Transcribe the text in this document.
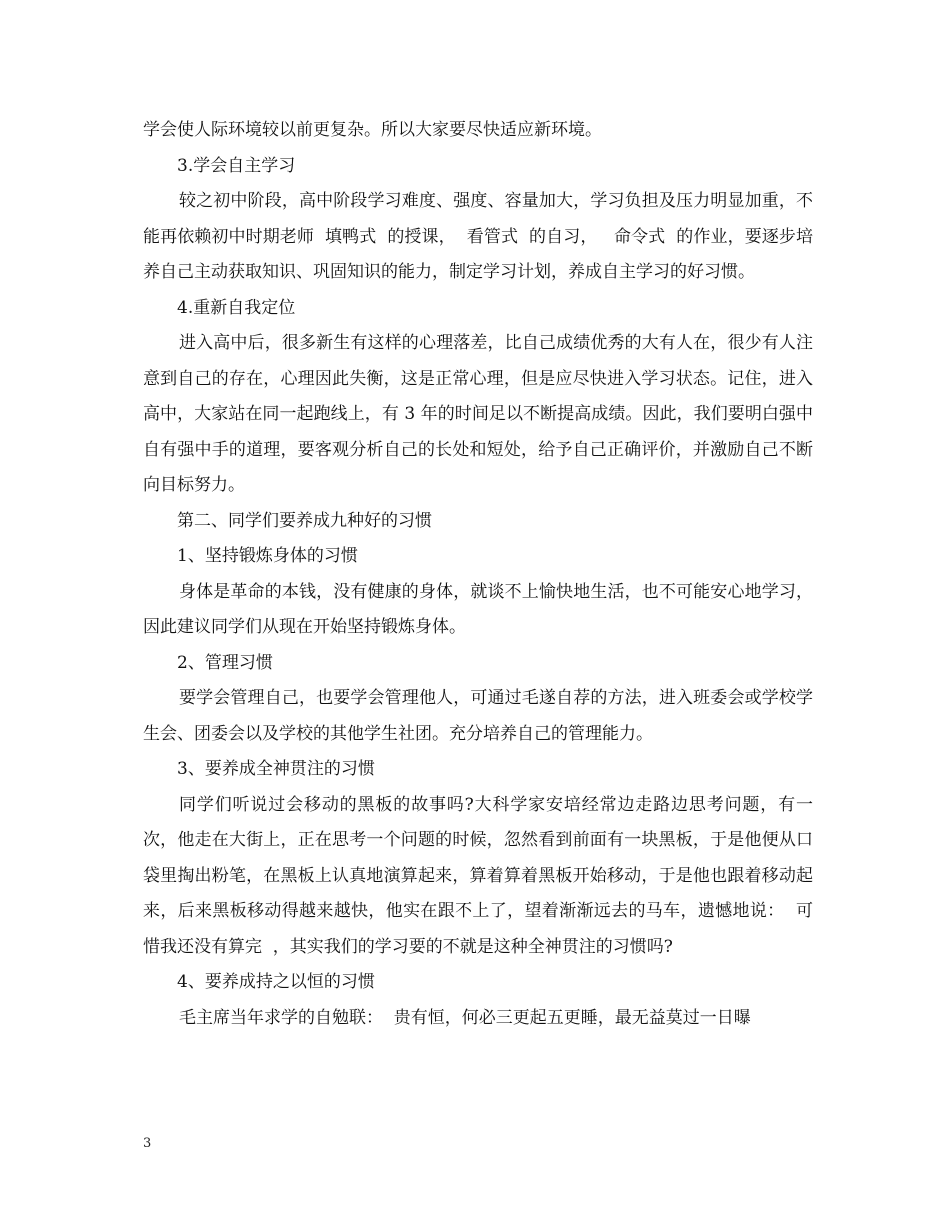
学会使人际环境较以前更复杂。所以大家要尽快适应新环境。

3.学会自主学习

较之初中阶段，高中阶段学习难度、强度、容量加大，学习负担及压力明显加重，不能再依赖初中时期老师  填鸭式  的授课，  看管式  的自习，   命令式  的作业，要逐步培养自己主动获取知识、巩固知识的能力，制定学习计划，养成自主学习的好习惯。

4.重新自我定位

进入高中后，很多新生有这样的心理落差，比自己成绩优秀的大有人在，很少有人注意到自己的存在，心理因此失衡，这是正常心理，但是应尽快进入学习状态。记住，进入高中，大家站在同一起跑线上，有 3 年的时间足以不断提高成绩。因此，我们要明白强中自有强中手的道理，要客观分析自己的长处和短处，给予自己正确评价，并激励自己不断向目标努力。

第二、同学们要养成九种好的习惯

1、坚持锻炼身体的习惯

身体是革命的本钱，没有健康的身体，就谈不上愉快地生活，也不可能安心地学习，因此建议同学们从现在开始坚持锻炼身体。

2、管理习惯

要学会管理自己，也要学会管理他人，可通过毛遂自荐的方法，进入班委会或学校学生会、团委会以及学校的其他学生社团。充分培养自己的管理能力。

3、要养成全神贯注的习惯

同学们听说过会移动的黑板的故事吗?大科学家安培经常边走路边思考问题，有一次，他走在大街上，正在思考一个问题的时候，忽然看到前面有一块黑板，于是他便从口袋里掏出粉笔，在黑板上认真地演算起来，算着算着黑板开始移动，于是他也跟着移动起来，后来黑板移动得越来越快，他实在跟不上了，望着渐渐远去的马车，遗憾地说：  可惜我还没有算完  ，其实我们的学习要的不就是这种全神贯注的习惯吗?

4、要养成持之以恒的习惯

毛主席当年求学的自勉联：  贵有恒，何必三更起五更睡，最无益莫过一日曝

3
